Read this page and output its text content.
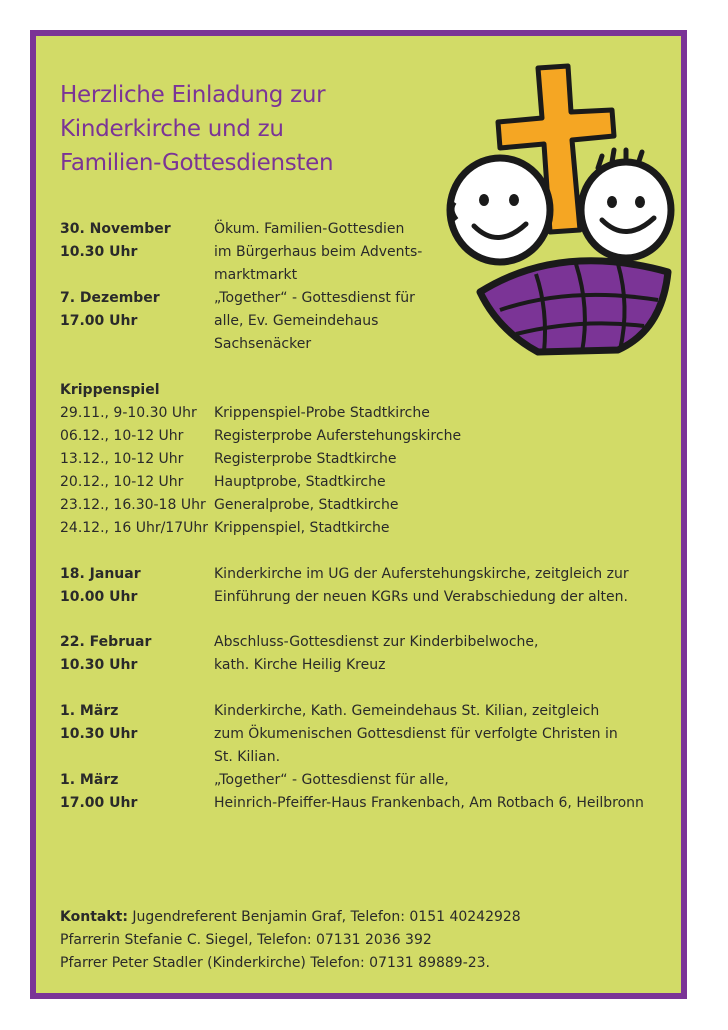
Herzliche Einladung zur
Kinderkirche und zu
Familien-Gottesdiensten
30. November	Ökum. Familien-Gottesdien
10.30 Uhr	im Bürgerhaus beim Advents-
marktmarkt
7. Dezember	„Together“ - Gottesdienst für
17.00 Uhr	alle, Ev. Gemeindehaus
Sachsenäcker
Krippenspiel
29.11., 9-10.30 Uhr	Krippenspiel-Probe Stadtkirche
06.12., 10-12 Uhr	Registerprobe Auferstehungskirche
13.12., 10-12 Uhr	Registerprobe Stadtkirche
20.12., 10-12 Uhr	Hauptprobe, Stadtkirche
23.12., 16.30-18 Uhr Generalprobe, Stadtkirche
24.12., 16 Uhr/17Uhr Krippenspiel, Stadtkirche
18. Januar	Kinderkirche im UG der Auferstehungskirche, zeitgleich zur
10.00 Uhr	Einführung der neuen KGRs und Verabschiedung der alten.
22. Februar	Abschluss-Gottesdienst zur Kinderbibelwoche,
10.30 Uhr	kath. Kirche Heilig Kreuz
1. März	Kinderkirche, Kath. Gemeindehaus St. Kilian, zeitgleich
10.30 Uhr	zum Ökumenischen Gottesdienst für verfolgte Christen in
St. Kilian.
1. März	„Together“ - Gottesdienst für alle,
17.00 Uhr	Heinrich-Pfeiffer-Haus Frankenbach, Am Rotbach 6, Heilbronn
Kontakt: Jugendreferent Benjamin Graf, Telefon: 0151 40242928
Pfarrerin Stefanie C. Siegel, Telefon: 07131 2036 392
Pfarrer Peter Stadler (Kinderkirche) Telefon: 07131 89889-23.
